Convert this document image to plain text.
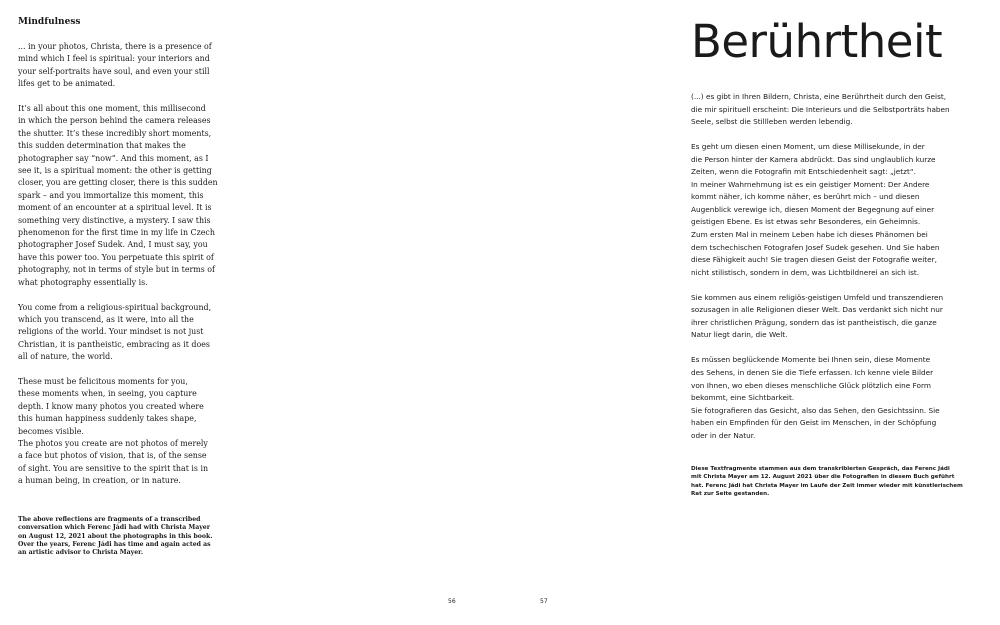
Mindfulness

... in your photos, Christa, there is a presence of
mind which I feel is spiritual: your interiors and
your self-portraits have soul, and even your still
lifes get to be animated.

It’s all about this one moment, this millisecond
in which the person behind the camera releases
the shutter. It’s these incredibly short moments,
this sudden determination that makes the
photographer say “now”. And this moment, as I
see it, is a spiritual moment: the other is getting
closer, you are getting closer, there is this sudden
spark – and you immortalize this moment, this
moment of an encounter at a spiritual level. It is
something very distinctive, a mystery. I saw this
phenomenon for the first time in my life in Czech
photographer Josef Sudek. And, I must say, you
have this power too. You perpetuate this spirit of
photography, not in terms of style but in terms of
what photography essentially is.

You come from a religious-spiritual background,
which you transcend, as it were, into all the
religions of the world. Your mindset is not just
Christian, it is pantheistic, embracing as it does
all of nature, the world.

These must be felicitous moments for you,
these moments when, in seeing, you capture
depth. I know many photos you created where
this human happiness suddenly takes shape,
becomes visible.
The photos you create are not photos of merely
a face but photos of vision, that is, of the sense
of sight. You are sensitive to the spirit that is in
a human being, in creation, or in nature.

The above reflections are fragments of a transcribed
conversation which Ferenc Jádi had with Christa Mayer
on August 12, 2021 about the photographs in this book.
Over the years, Ferenc Jádi has time and again acted as
an artistic advisor to Christa Mayer.
56
Berührtheit

(...) es gibt in Ihren Bildern, Christa, eine Berührtheit durch den Geist,
die mir spirituell erscheint: Die Interieurs und die Selbstporträts haben
Seele, selbst die Stillleben werden lebendig.

Es geht um diesen einen Moment, um diese Millisekunde, in der
die Person hinter der Kamera abdrückt. Das sind unglaublich kurze
Zeiten, wenn die Fotografin mit Entschiedenheit sagt: „jetzt“.
In meiner Wahrnehmung ist es ein geistiger Moment: Der Andere
kommt näher, ich komme näher, es berührt mich – und diesen
Augenblick verewige ich, diesen Moment der Begegnung auf einer
geistigen Ebene. Es ist etwas sehr Besonderes, ein Geheimnis.
Zum ersten Mal in meinem Leben habe ich dieses Phänomen bei
dem tschechischen Fotografen Josef Sudek gesehen. Und Sie haben
diese Fähigkeit auch! Sie tragen diesen Geist der Fotografie weiter,
nicht stilistisch, sondern in dem, was Lichtbildnerei an sich ist.

Sie kommen aus einem religiös-geistigen Umfeld und transzendieren
sozusagen in alle Religionen dieser Welt. Das verdankt sich nicht nur
ihrer christlichen Prägung, sondern das ist pantheistisch, die ganze
Natur liegt darin, die Welt.

Es müssen beglückende Momente bei Ihnen sein, diese Momente
des Sehens, in denen Sie die Tiefe erfassen. Ich kenne viele Bilder
von Ihnen, wo eben dieses menschliche Glück plötzlich eine Form
bekommt, eine Sichtbarkeit.
Sie fotografieren das Gesicht, also das Sehen, den Gesichtssinn. Sie
haben ein Empfinden für den Geist im Menschen, in der Schöpfung
oder in der Natur.

Diese Textfragmente stammen aus dem transkribierten Gespräch, das Ferenc Jádi
mit Christa Mayer am 12. August 2021 über die Fotografien in diesem Buch geführt
hat. Ferenc Jádi hat Christa Mayer im Laufe der Zeit immer wieder mit künstlerischem
Rat zur Seite gestanden.
57
